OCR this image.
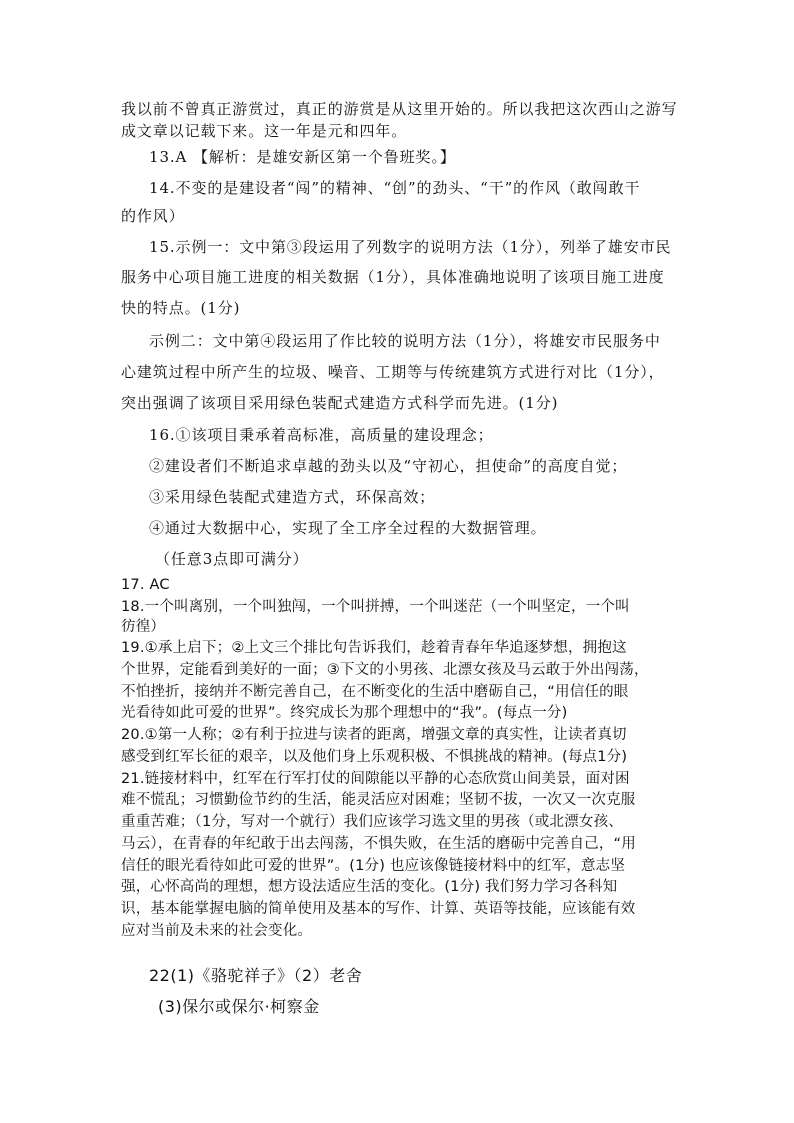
我以前不曾真正游赏过，真正的游赏是从这里开始的。所以我把这次西山之游写
成文章以记载下来。这一年是元和四年。
13.A 【解析：是雄安新区第一个鲁班奖。】
14.不变的是建设者“闯”的精神、“创”的劲头、“干”的作风（敢闯敢干
的作风）
15.示例一：文中第③段运用了列数字的说明方法（1分），列举了雄安市民
服务中心项目施工进度的相关数据（1分），具体准确地说明了该项目施工进度
快的特点。(1分)
示例二：文中第④段运用了作比较的说明方法（1分），将雄安市民服务中
心建筑过程中所产生的垃圾、噪音、工期等与传统建筑方式进行对比（1分），
突出强调了该项目采用绿色装配式建造方式科学而先进。(1分)
16.①该项目秉承着高标准，高质量的建设理念；
②建设者们不断追求卓越的劲头以及“守初心，担使命”的高度自觉；
③采用绿色装配式建造方式，环保高效；
④通过大数据中心，实现了全工序全过程的大数据管理。
（任意3点即可满分）
17. AC
18.一个叫离别，一个叫独闯，一个叫拼搏，一个叫迷茫（一个叫坚定，一个叫
彷徨）
19.①承上启下；②上文三个排比句告诉我们，趁着青春年华追逐梦想，拥抱这
个世界，定能看到美好的一面；③下文的小男孩、北漂女孩及马云敢于外出闯荡，
不怕挫折，接纳并不断完善自己，在不断变化的生活中磨砺自己，“用信任的眼
光看待如此可爱的世界”。终究成长为那个理想中的“我”。(每点一分)
20.①第一人称；②有利于拉进与读者的距离，增强文章的真实性，让读者真切
感受到红军长征的艰辛，以及他们身上乐观积极、不惧挑战的精神。(每点1分)
21.链接材料中，红军在行军打仗的间隙能以平静的心态欣赏山间美景，面对困
难不慌乱；习惯勤俭节约的生活，能灵活应对困难；坚韧不拔，一次又一次克服
重重苦难；（1分，写对一个就行）我们应该学习选文里的男孩（或北漂女孩、
马云），在青春的年纪敢于出去闯荡，不惧失败，在生活的磨砺中完善自己，“用
信任的眼光看待如此可爱的世界”。(1分) 也应该像链接材料中的红军，意志坚
强，心怀高尚的理想，想方设法适应生活的变化。(1分) 我们努力学习各科知
识，基本能掌握电脑的简单使用及基本的写作、计算、英语等技能，应该能有效
应对当前及未来的社会变化。
22(1)《骆驼祥子》（2）老舍
(3)保尔或保尔·柯察金
